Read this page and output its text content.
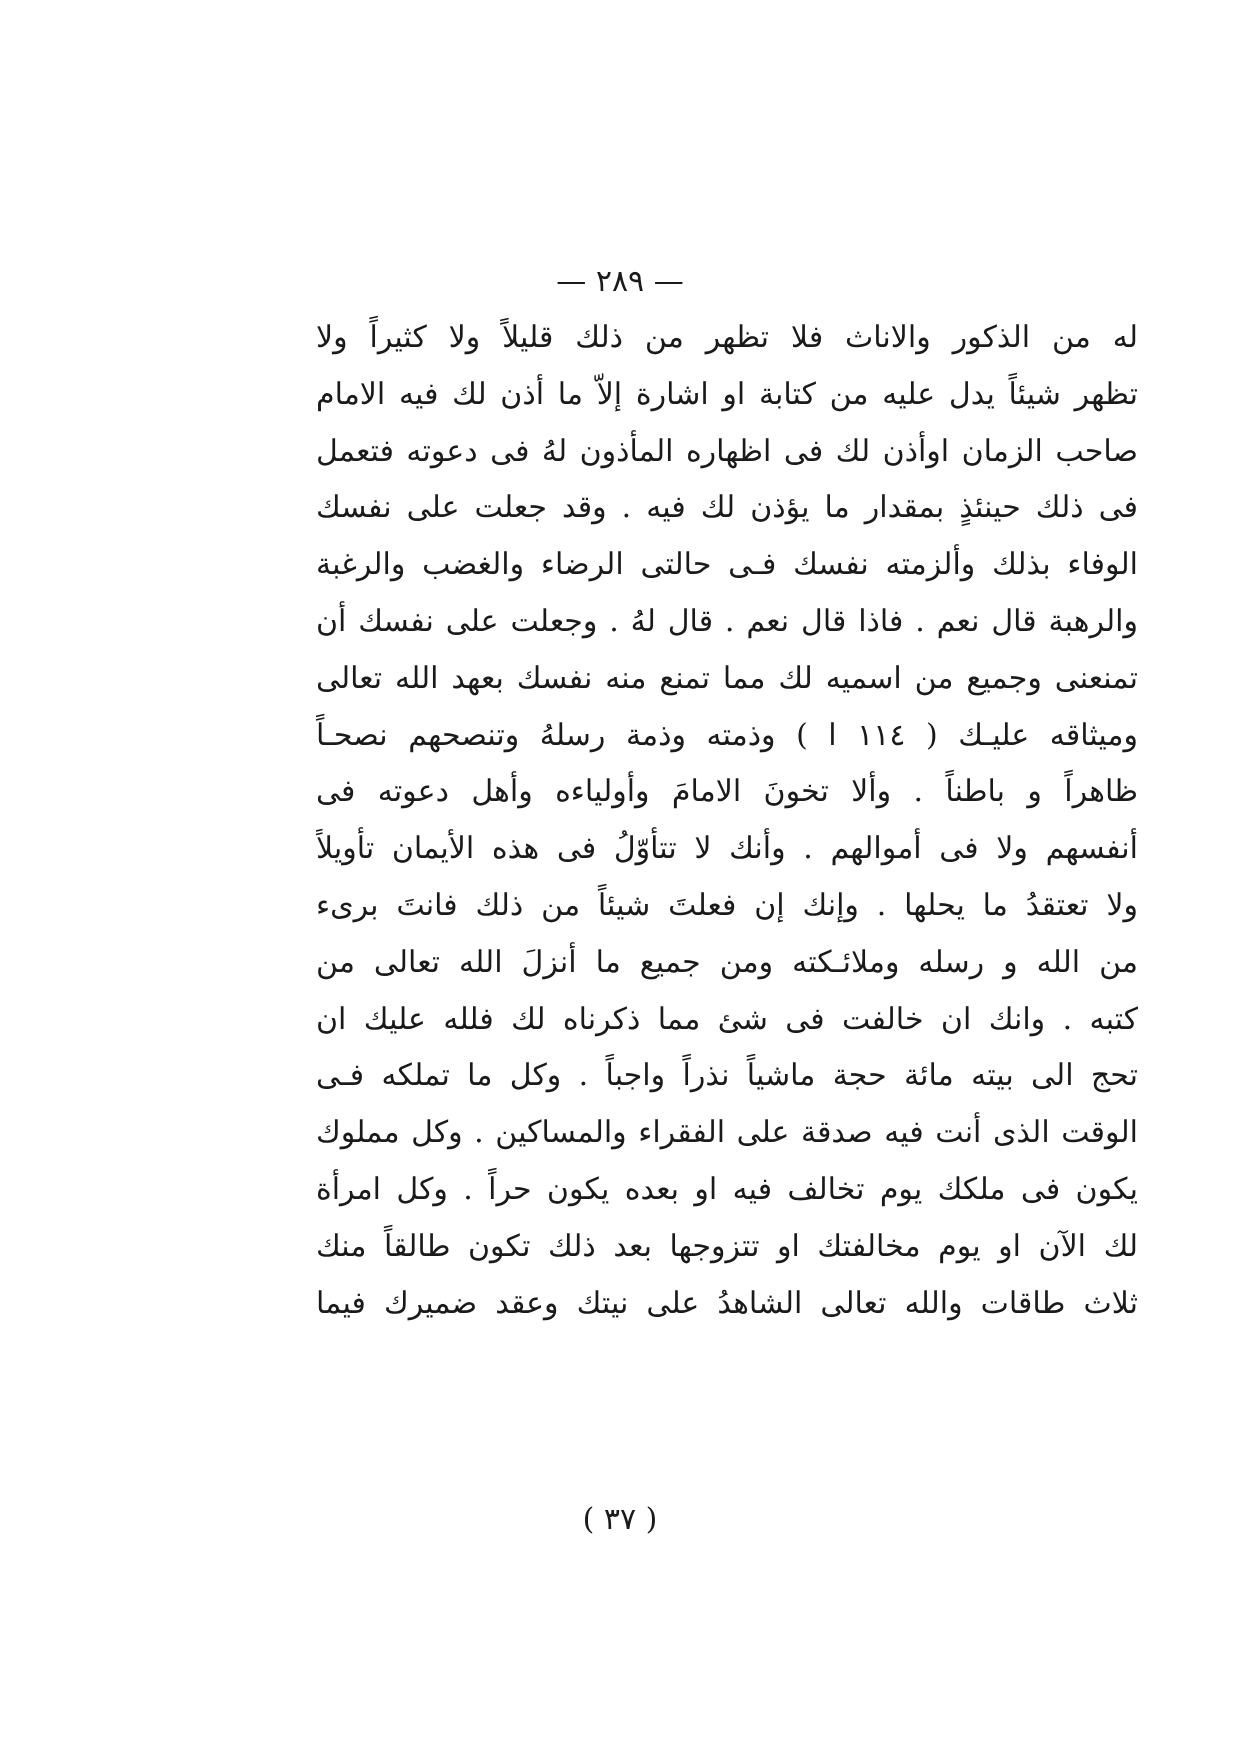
— ٢٨٩ —
له من الذكور والاناث فلا تظهر من ذلك قليلاً ولا كثيراً ولا
تظهر شيئاً يدل عليه من كتابة او اشارة إلاّ ما أذن لك فيه الامام
صاحب الزمان اوأذن لك فى اظهاره المأذون لهُ فى دعوته فتعمل
فى ذلك حينئذٍ بمقدار ما يؤذن لك فيه . وقد جعلت على نفسك
الوفاء بذلك وألزمته نفسك فـى حالتى الرضاء والغضب والرغبة
والرهبة قال نعم . فاذا قال نعم . قال لهُ . وجعلت على نفسك أن
تمنعنى وجميع من اسميه لك مما تمنع منه نفسك بعهد الله تعالى
وميثاقه عليـك ( ١١٤ ا ) وذمته وذمة رسلهُ وتنصحهم نصحـاً
ظاهراً و باطناً . وألا تخونَ الامامَ وأولياءه وأهل دعوته فى
أنفسهم ولا فى أموالهم . وأنك لا تتأوّلُ فى هذه الأيمان تأويلاً
ولا تعتقدُ ما يحلها . وإنك إن فعلتَ شيئاً من ذلك فانتَ برىء
من الله و رسله وملائـكته ومن جميع ما أنزلَ الله تعالى من
كتبه . وانك ان خالفت فى شئ مما ذكرناه لك فلله عليك ان
تحج الى بيته مائة حجة ماشياً نذراً واجباً . وكل ما تملكه فـى
الوقت الذى أنت فيه صدقة على الفقراء والمساكين . وكل مملوك
يكون فى ملكك يوم تخالف فيه او بعده يكون حراً . وكل امرأة
لك الآن او يوم مخالفتك او تتزوجها بعد ذلك تكون طالقاً منك
ثلاث طاقات والله تعالى الشاهدُ على نيتك وعقد ضميرك فيما
( ٣٧ )
